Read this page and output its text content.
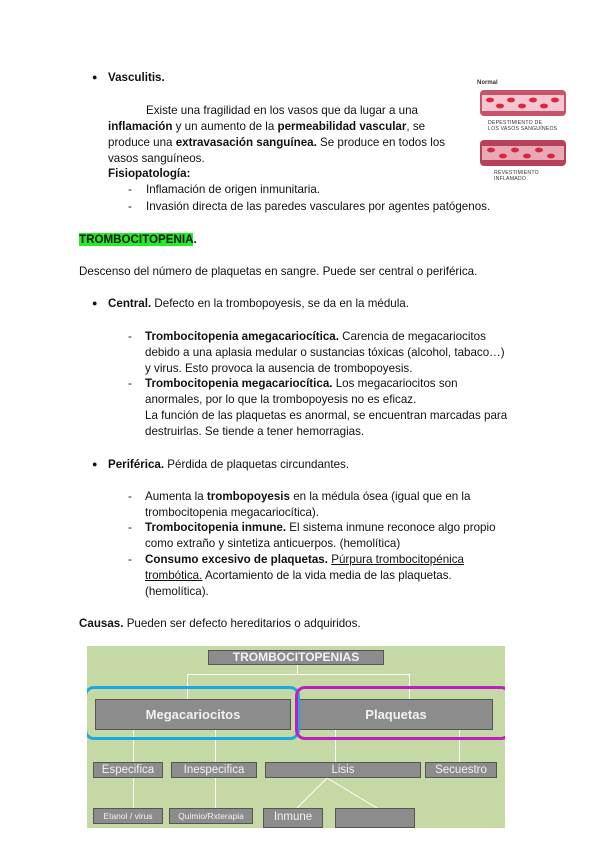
● Vasculitis.
Existe una fragilidad en los vasos que da lugar a una
inflamación y un aumento de la permeabilidad vascular, se
produce una extravasación sanguínea. Se produce en todos los
vasos sanguíneos.
Fisiopatología:
- Inflamación de origen inmunitaria.
- Invasión directa de las paredes vasculares por agentes patógenos.
Normal
DEPESTIMIENTO DE
LOS VASOS SANGUÍNEOS
REVESTIMIENTO
INFLAMADO
TROMBOCITOPENIA.
Descenso del número de plaquetas en sangre. Puede ser central o periférica.
● Central. Defecto en la trombopoyesis, se da en la médula.
- Trombocitopenia amegacariocítica. Carencia de megacariocitos
debido a una aplasia medular o sustancias tóxicas (alcohol, tabaco…)
y virus. Esto provoca la ausencia de trombopoyesis.
- Trombocitopenia megacariocítica. Los megacariocitos son
anormales, por lo que la trombopoyesis no es eficaz.
La función de las plaquetas es anormal, se encuentran marcadas para
destruirlas. Se tiende a tener hemorragias.
● Periférica. Pérdida de plaquetas circundantes.
- Aumenta la trombopoyesis en la médula ósea (igual que en la
trombocitopenia megacariocítica).
- Trombocitopenia inmune. El sistema inmune reconoce algo propio
como extraño y sintetiza anticuerpos. (hemolítica)
- Consumo excesivo de plaquetas. Púrpura trombocitopénica
trombótica. Acortamiento de la vida media de las plaquetas.
(hemolítica).
Causas. Pueden ser defecto hereditarios o adquiridos.
TROMBOCITOPENIAS
Megacariocitos	Plaquetas
Especifica	Inespecifica	Lisis	Secuestro
Etanol / virus	Quimio/Rxterapia	Inmune
